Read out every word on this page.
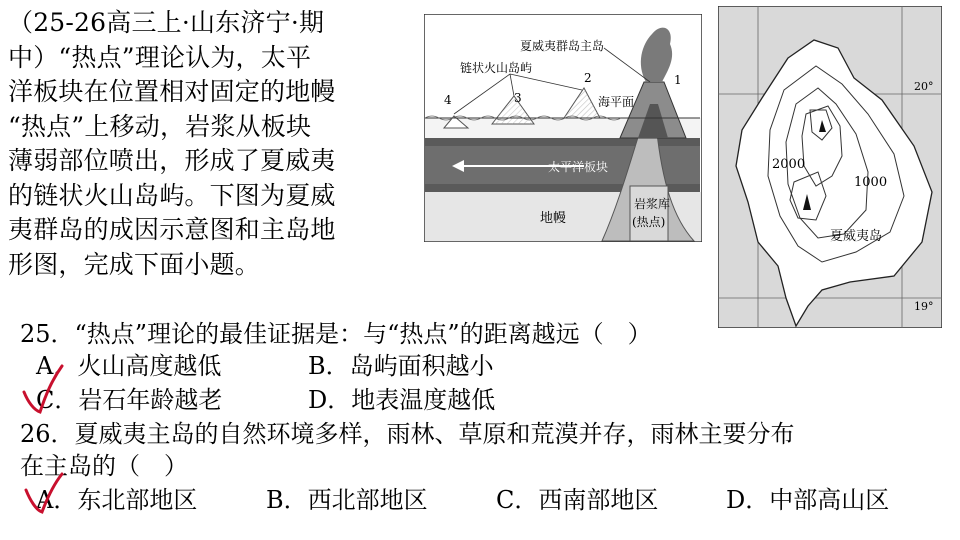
（25-26高三上·山东济宁·期
中）“热点”理论认为，太平
洋板块在位置相对固定的地幔
“热点”上移动，岩浆从板块
薄弱部位喷出，形成了夏威夷
的链状火山岛屿。下图为夏威
夷群岛的成因示意图和主岛地
形图，完成下面小题。
夏威夷群岛主岛
链状火山岛屿
海平面
太平洋板块
地幔
岩浆库
(热点)
1
2
3
4
20°
19°
2000
1000
夏威夷岛
25．“热点”理论的最佳证据是：与“热点”的距离越远（　）
A．火山高度越低	B．岛屿面积越小
C．岩石年龄越老	D．地表温度越低
26．夏威夷主岛的自然环境多样，雨林、草原和荒漠并存，雨林主要分布
在主岛的（　）
A．东北部地区	B．西北部地区	C．西南部地区	D．中部高山区
